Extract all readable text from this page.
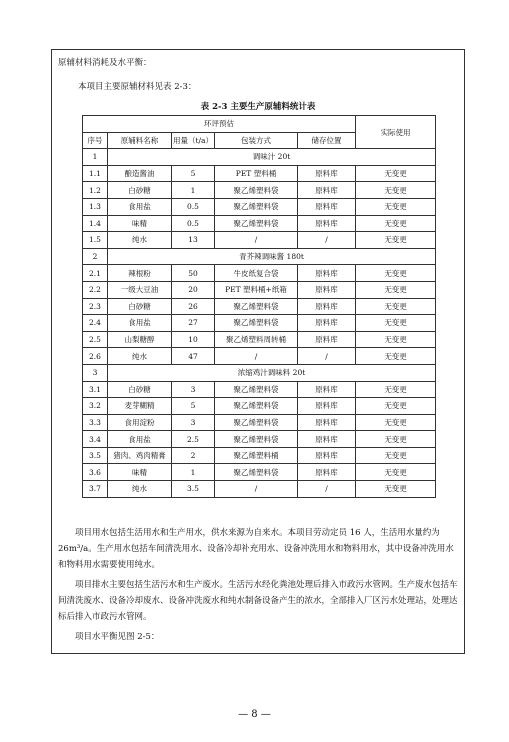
原辅材料消耗及水平衡：
本项目主要原辅材料见表 2-3：
表 2-3 主要生产原辅料统计表
环评预估					实际使用
序号	原辅料名称	用量（t/a）	包装方式	储存位置	
1	调味汁 20t				
1.1	酿造酱油	5	PET 塑料桶	原料库	无变更
1.2	白砂糖	1	聚乙烯塑料袋	原料库	无变更
1.3	食用盐	0.5	聚乙烯塑料袋	原料库	无变更
1.4	味精	0.5	聚乙烯塑料袋	原料库	无变更
1.5	纯水	13	/	/	无变更
2	青芥辣调味酱 180t				
2.1	辣根粉	50	牛皮纸复合袋	原料库	无变更
2.2	一级大豆油	20	PET 塑料桶+纸箱	原料库	无变更
2.3	白砂糖	26	聚乙烯塑料袋	原料库	无变更
2.4	食用盐	27	聚乙烯塑料袋	原料库	无变更
2.5	山梨糖醇	10	聚乙烯塑料周转桶	原料库	无变更
2.6	纯水	47	/	/	无变更
3	浓缩鸡汁调味料 20t				
3.1	白砂糖	3	聚乙烯塑料袋	原料库	无变更
3.2	麦芽糊精	5	聚乙烯塑料袋	原料库	无变更
3.3	食用淀粉	3	聚乙烯塑料袋	原料库	无变更
3.4	食用盐	2.5	聚乙烯塑料袋	原料库	无变更
3.5	猪肉、鸡肉精膏	2	聚乙烯塑料桶	原料库	无变更
3.6	味精	1	聚乙烯塑料袋	原料库	无变更
3.7	纯水	3.5	/	/	无变更
项目用水包括生活用水和生产用水，供水来源为自来水。本项目劳动定员 16 人，生活用水量约为 26m³/a。生产用水包括车间清洗用水、设备冷却补充用水、设备冲洗用水和物料用水，其中设备冲洗用水和物料用水需要使用纯水。
项目排水主要包括生活污水和生产废水。生活污水经化粪池处理后排入市政污水管网。生产废水包括车间清洗废水、设备冷却废水、设备冲洗废水和纯水制备设备产生的浓水，全部排入厂区污水处理站，处理达标后排入市政污水管网。
项目水平衡见图 2-5：
— 8 —
